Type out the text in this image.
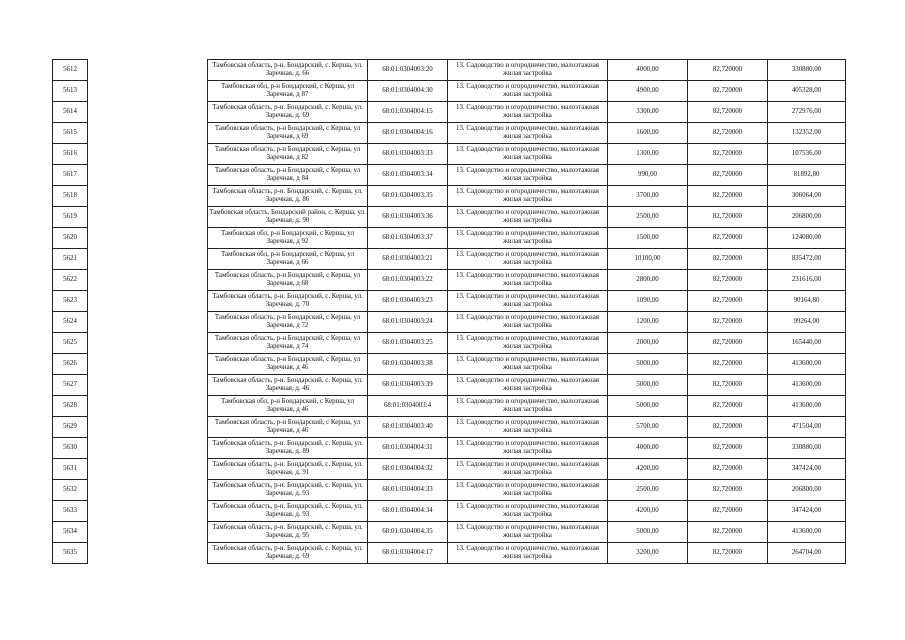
5612		Тамбовская область, р-н. Бондарский, с. Керша, ул. Заречная, д. 66	68:01:0304003:20	13. Садоводство и огородничество, малоэтажная жилая застройка	4000,00	82,720000	330880,00
5613		Тамбовская обл, р-н Бондарский, с Керша, ул Заречная, д 87	68:01:0304004:30	13. Садоводство и огородничество, малоэтажная жилая застройка	4900,00	82,720000	405328,00
5614		Тамбовская область, р-н. Бондарский, с. Керша, ул. Заречная, д. 69	68:01:0304004:15	13. Садоводство и огородничество, малоэтажная жилая застройка	3300,00	82,720000	272976,00
5615		Тамбовская область, р-н Бондарский, с Керша, ул Заречная, д 69	68:01:0304004:16	13. Садоводство и огородничество, малоэтажная жилая застройка	1600,00	82,720000	132352,00
5616		Тамбовская область, р-н Бондарский, с Керша, ул Заречная, д 82	68:01:0304003:33	13. Садоводство и огородничество, малоэтажная жилая застройка	1300,00	82,720000	107536,00
5617		Тамбовская область, р-н Бондарский, с Керша, ул Заречная, д 84	68:01:0304003:34	13. Садоводство и огородничество, малоэтажная жилая застройка	990,00	82,720000	81892,80
5618		Тамбовская область, р-н. Бондарский, с. Керша, ул. Заречная, д. 86	68:01:0304003:35	13. Садоводство и огородничество, малоэтажная жилая застройка	3700,00	82,720000	306064,00
5619		Тамбовская область, Бондарский район, с. Керша, ул. Заречная, д. 90	68:01:0304003:36	13. Садоводство и огородничество, малоэтажная жилая застройка	2500,00	82,720000	206800,00
5620		Тамбовская обл, р-н Бондарский, с Керша, ул Заречная, д 92	68:01:0304003:37	13. Садоводство и огородничество, малоэтажная жилая застройка	1500,00	82,720000	124080,00
5621		Тамбовская обл, р-н Бондарский, с Керша, ул Заречная, д 66	68:01:0304003:21	13. Садоводство и огородничество, малоэтажная жилая застройка	10100,00	82,720000	835472,00
5622		Тамбовская область, р-н Бондарский, с Керша, ул Заречная, д 68	68:01:0304003:22	13. Садоводство и огородничество, малоэтажная жилая застройка	2800,00	82,720000	231616,00
5623		Тамбовская область, р-н. Бондарский, с. Керша, ул. Заречная, д. 70	68:01:0304003:23	13. Садоводство и огородничество, малоэтажная жилая застройка	1090,00	82,720000	90164,80
5624		Тамбовская область, р-н Бондарский, с Керша, ул Заречная, д 72	68:01:0304003:24	13. Садоводство и огородничество, малоэтажная жилая застройка	1200,00	82,720000	99264,00
5625		Тамбовская область, р-н Бондарский, с Керша, ул Заречная, д 74	68:01:0304003:25	13. Садоводство и огородничество, малоэтажная жилая застройка	2000,00	82,720000	165440,00
5626		Тамбовская область, р-н Бондарский, с Керша, ул Заречная, д 46	68:01:0304003:38	13. Садоводство и огородничество, малоэтажная жилая застройка	5000,00	82,720000	413600,00
5627		Тамбовская область, р-н. Бондарский, с. Керша, ул. Заречная, д. 46	68:01:0304003:39	13. Садоводство и огородничество, малоэтажная жилая застройка	5000,00	82,720000	413600,00
5628		Тамбовская обл, р-н Бондарский, с Керша, ул Заречная, д 46	68:01:0304003:4	13. Садоводство и огородничество, малоэтажная жилая застройка	5000,00	82,720000	413600,00
5629		Тамбовская область, р-н Бондарский, с Керша, ул Заречная, д 46	68:01:0304003:40	13. Садоводство и огородничество, малоэтажная жилая застройка	5700,00	82,720000	471504,00
5630		Тамбовская область, р-н. Бондарский, с. Керша, ул. Заречная, д. 89	68:01:0304004:31	13. Садоводство и огородничество, малоэтажная жилая застройка	4000,00	82,720000	330880,00
5631		Тамбовская область, р-н. Бондарский, с. Керша, ул. Заречная, д. 91	68:01:0304004:32	13. Садоводство и огородничество, малоэтажная жилая застройка	4200,00	82,720000	347424,00
5632		Тамбовская область, р-н. Бондарский, с. Керша, ул. Заречная, д. 93	68:01:0304004:33	13. Садоводство и огородничество, малоэтажная жилая застройка	2500,00	82,720000	206800,00
5633		Тамбовская область, р-н. Бондарский, с. Керша, ул. Заречная, д. 93	68:01:0304004:34	13. Садоводство и огородничество, малоэтажная жилая застройка	4200,00	82,720000	347424,00
5634		Тамбовская область, р-н. Бондарский, с. Керша, ул. Заречная, д. 95	68:01:0304004:35	13. Садоводство и огородничество, малоэтажная жилая застройка	5000,00	82,720000	413600,00
5635		Тамбовская область, р-н. Бондарский, с. Керша, ул. Заречная, д. 69	68:01:0304004:17	13. Садоводство и огородничество, малоэтажная жилая застройка	3200,00	82,720000	264704,00
